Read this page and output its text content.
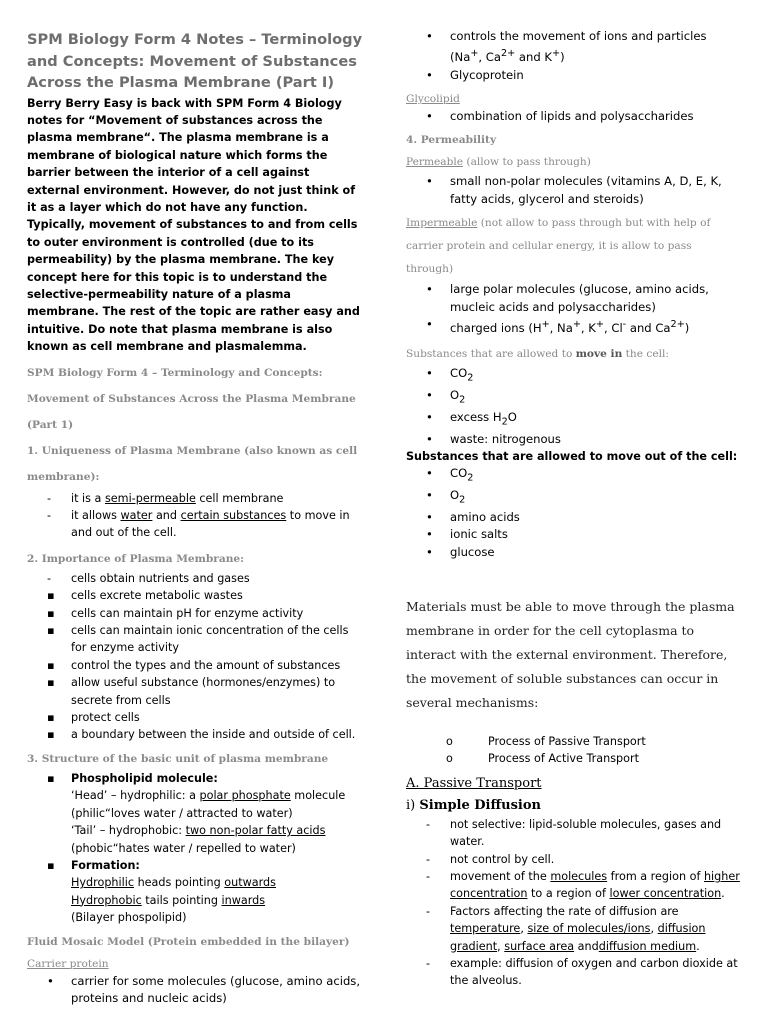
SPM Biology Form 4 Notes – Terminology and Concepts: Movement of Substances Across the Plasma Membrane (Part I)
Berry Berry Easy is back with SPM Form 4 Biology notes for “Movement of substances across the plasma membrane“. The plasma membrane is a membrane of biological nature which forms the barrier between the interior of a cell against external environment. However, do not just think of it as a layer which do not have any function. Typically, movement of substances to and from cells to outer environment is controlled (due to its permeability) by the plasma membrane. The key concept here for this topic is to understand the selective-permeability nature of a plasma membrane. The rest of the topic are rather easy and intuitive. Do note that plasma membrane is also known as cell membrane and plasmalemma.
SPM Biology Form 4 – Terminology and Concepts:
Movement of Substances Across the Plasma Membrane
(Part 1)
1. Uniqueness of Plasma Membrane (also known as cell membrane):
- it is a semi-permeable cell membrane
- it allows water and certain substances to move in and out of the cell.
2. Importance of Plasma Membrane:
- cells obtain nutrients and gases
▪ cells excrete metabolic wastes
▪ cells can maintain pH for enzyme activity
▪ cells can maintain ionic concentration of the cells for enzyme activity
▪ control the types and the amount of substances
▪ allow useful substance (hormones/enzymes) to secrete from cells
▪ protect cells
▪ a boundary between the inside and outside of cell.
3. Structure of the basic unit of plasma membrane
▪ Phospholipid molecule:
‘Head’ – hydrophilic: a polar phosphate molecule (philic“loves water / attracted to water)
‘Tail’ – hydrophobic: two non-polar fatty acids (phobic“hates water / repelled to water)
▪ Formation:
Hydrophilic heads pointing outwards
Hydrophobic tails pointing inwards
(Bilayer phospolipid)
Fluid Mosaic Model (Protein embedded in the bilayer)
Carrier protein
• carrier for some molecules (glucose, amino acids, proteins and nucleic acids)
• controls the movement of ions and particles (Na+, $Ca^{2+}$ and K+)
• Glycoprotein
Glycolipid
• combination of lipids and polysaccharides
4. Permeability
Permeable (allow to pass through)
• small non-polar molecules (vitamins A, D, E, K, fatty acids, glycerol and steroids)
Impermeable (not allow to pass through but with help of carrier protein and cellular energy, it is allow to pass through)
• large polar molecules (glucose, amino acids, mucleic acids and polysaccharides)
• charged ions (H+, Na+, K+, Cl- and $Ca^{2+}$)
Substances that are allowed to move in the cell:
• $CO_2$
• $O_2$
• excess $H_2O$
• waste: nitrogenous
Substances that are allowed to move out of the cell:
• $CO_2$
• $O_2$
• amino acids
• ionic salts
• glucose
Materials must be able to move through the plasma membrane in order for the cell cytoplasma to interact with the external environment. Therefore, the movement of soluble substances can occur in several mechanisms:
o	Process of Passive Transport
o	Process of Active Transport
A. Passive Transport
i) Simple Diffusion
- not selective: lipid-soluble molecules, gases and water.
- not control by cell.
- movement of the molecules from a region of higher concentration to a region of lower concentration.
- Factors affecting the rate of diffusion are temperature, size of molecules/ions, diffusion gradient, surface area anddiffusion medium.
- example: diffusion of oxygen and carbon dioxide at the alveolus.
